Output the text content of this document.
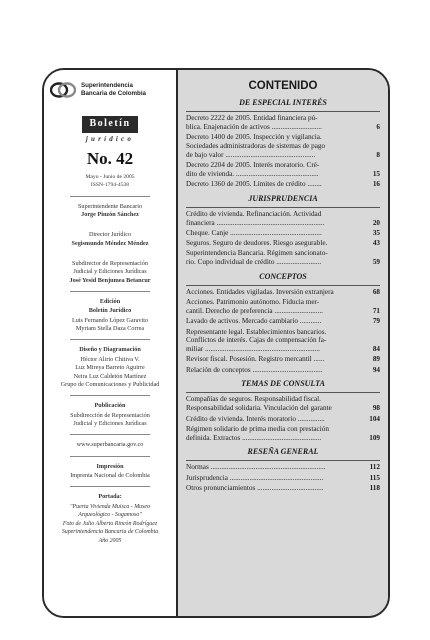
Superintendencia
Bancaria de Colombia
Boletín
jurídico
No. 42
Mayo - Junio de 2005
ISSN-1794-4538
Superintendente Bancario
Jorge Pinzón Sánchez
Director Jurídico
Segismundo Méndez Méndez
Subdirector de Representación
Judicial y Ediciones Jurídicas
José Yesid Benjumea Betancur
Edición
Boletín Jurídico
Luis Fernando López Garavito
Myriam Stella Daza Correa
Diseño y Diagramación
Héctor Alirio Chitiva V.
Luz Mireya Barreto Aguirre
Neira Luz Caldetón Martínez
Grupo de Comunicaciones y Publicidad
Publicación
Subdirección de Representación
Judicial y Ediciones Jurídicas
www.superbancaria.gov.co
Impresión
Imprenta Nacional de Colombia
Portada:
"Puerta Vivienda Muisca - Museo
Arqueológico - Sogamoso"
Foto de Julio Alberto Rincón Rodríguez
Superintendencia Bancaria de Colombia
Año 2005
CONTENIDO
DE ESPECIAL INTERÉS
Decreto 2222 de 2005. Entidad financiera pú-
blica. Enajenación de activos ............................	6
Decreto 1400 de 2005. Inspección y vigilancia.
Sociedades administradoras de sistemas de pago
de bajo valor ..................................................	8
Decreto 2204 de 2005. Interés moratorio. Cré-
dito de vivienda. ..............................................	15
Decreto 1360 de 2005. Límites de crédito ........	16
JURISPRUDENCIA
Crédito de vivienda. Refinanciación. Actividad
financiera ............................................................	20
Cheque. Canje ...................................................	35
Seguros. Seguro de deudores. Riesgo asegurable.	43
Superintendencia Bancaria. Régimen sancionato-
rio. Cupo individual de crédito .........................	59
CONCEPTOS
Acciones. Entidades vigiladas. Inversión extranjera	68
Acciones. Patrimonio autónomo. Fiducia mer-
cantil. Derecho de preferencia ...........................	71
Lavado de activos. Mercado cambiario ............	79
Representante legal. Establecimientos bancarios.
Conflictos de interés. Cajas de compensación fa-
miliar ................................................................	84
Revisor fiscal. Posesión. Registro mercantil ......	89
Relación de conceptos .......................................	94
TEMAS DE CONSULTA
Compañías de seguros. Responsabilidad fiscal.
Responsabilidad solidaria. Vinculación del garante	98
Crédito de vivienda. Interés moratorio ...............	104
Régimen solidario de prima media con prestación
definida. Extractos ............................................	109
RESEÑA GENERAL
Normas ................................................................	112
Jurisprudencia ....................................................	115
Otros pronunciamientos .....................................	118
